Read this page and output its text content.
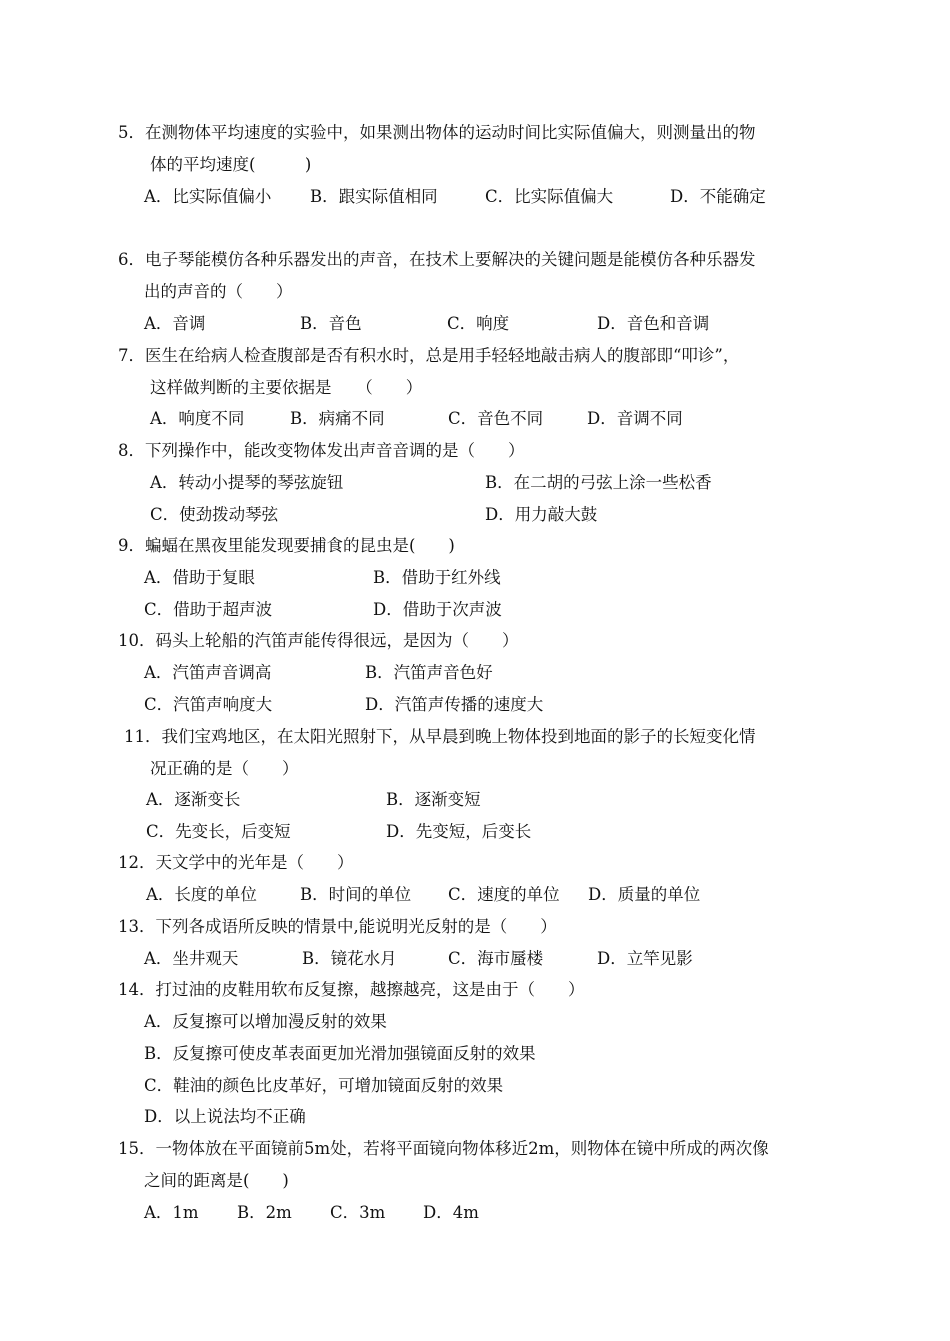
5．在测物体平均速度的实验中，如果测出物体的运动时间比实际值偏大，则测量出的物
体的平均速度(　　　)
A．比实际值偏小 B．跟实际值相同	C．比实际值偏大	D．不能确定
6．电子琴能模仿各种乐器发出的声音，在技术上要解决的关键问题是能模仿各种乐器发
出的声音的（　　）
A．音调	B．音色	C．响度	D．音色和音调
7．医生在给病人检查腹部是否有积水时，总是用手轻轻地敲击病人的腹部即“叩诊”，
这样做判断的主要依据是　　（　　）
A．响度不同	B．病痛不同	C．音色不同	D．音调不同
8．下列操作中，能改变物体发出声音音调的是（　　）
A．转动小提琴的琴弦旋钮	B．在二胡的弓弦上涂一些松香
C．使劲拨动琴弦	D．用力敲大鼓
9．蝙蝠在黑夜里能发现要捕食的昆虫是(　　)
A．借助于复眼	B．借助于红外线
C．借助于超声波	D．借助于次声波
10．码头上轮船的汽笛声能传得很远，是因为（　　）
A．汽笛声音调高	B．汽笛声音色好
C．汽笛声响度大	D．汽笛声传播的速度大
11．我们宝鸡地区，在太阳光照射下，从早晨到晚上物体投到地面的影子的长短变化情
况正确的是（　　）
A．逐渐变长	B．逐渐变短
C．先变长，后变短	D．先变短，后变长
12．天文学中的光年是（　　）
A．长度的单位	B．时间的单位 C．速度的单位 D．质量的单位
13．下列各成语所反映的情景中,能说明光反射的是（　　）
A．坐井观天	B．镜花水月	C．海市蜃楼	D．立竿见影
14．打过油的皮鞋用软布反复擦，越擦越亮，这是由于（　　）
A．反复擦可以增加漫反射的效果
B．反复擦可使皮革表面更加光滑加强镜面反射的效果
C．鞋油的颜色比皮革好，可增加镜面反射的效果
D．以上说法均不正确
15．一物体放在平面镜前5m处，若将平面镜向物体移近2m，则物体在镜中所成的两次像
之间的距离是(　　)
A．1m B．2m C．3m D．4m
